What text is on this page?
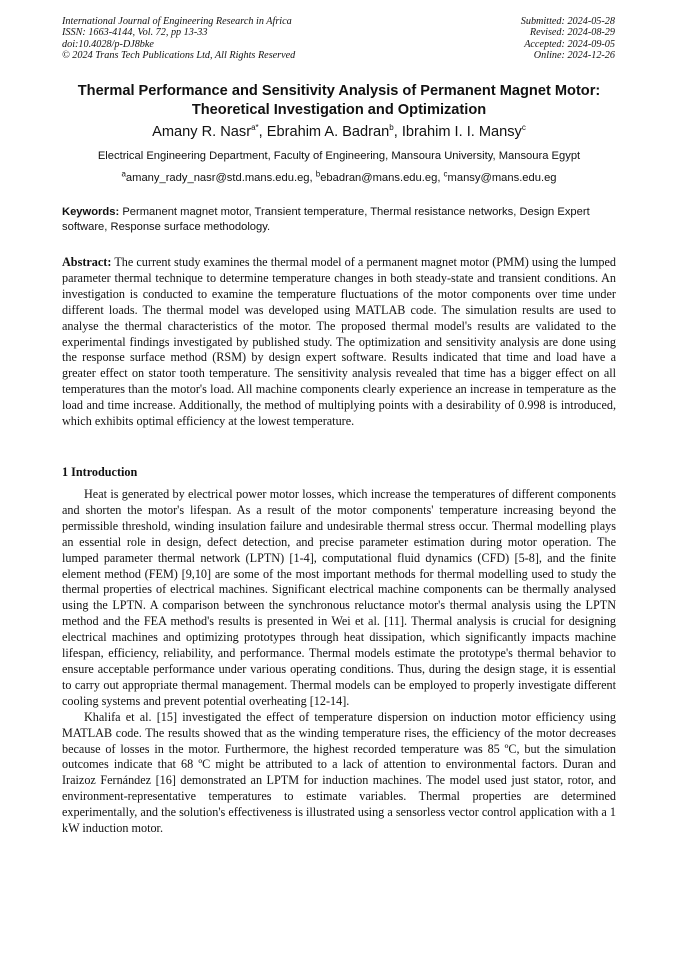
International Journal of Engineering Research in Africa
ISSN: 1663-4144, Vol. 72, pp 13-33
doi:10.4028/p-DJ8bke
© 2024 Trans Tech Publications Ltd, All Rights Reserved
Submitted: 2024-05-28
Revised: 2024-08-29
Accepted: 2024-09-05
Online: 2024-12-26
Thermal Performance and Sensitivity Analysis of Permanent Magnet Motor: Theoretical Investigation and Optimization
Amany R. Nasr$^{a*}$, Ebrahim A. Badran$^b$, Ibrahim I. I. Mansy$^c$
Electrical Engineering Department, Faculty of Engineering, Mansoura University, Mansoura Egypt
$^a$amany_rady_nasr@std.mans.edu.eg, $^b$ebadran@mans.edu.eg, $^c$mansy@mans.edu.eg
Keywords: Permanent magnet motor, Transient temperature, Thermal resistance networks, Design Expert software, Response surface methodology.
Abstract: The current study examines the thermal model of a permanent magnet motor (PMM) using the lumped parameter thermal technique to determine temperature changes in both steady-state and transient conditions. An investigation is conducted to examine the temperature fluctuations of the motor components over time under different loads. The thermal model was developed using MATLAB code. The simulation results are used to analyse the thermal characteristics of the motor. The proposed thermal model's results are validated to the experimental findings investigated by published study. The optimization and sensitivity analysis are done using the response surface method (RSM) by design expert software. Results indicated that time and load have a greater effect on stator tooth temperature. The sensitivity analysis revealed that time has a bigger effect on all temperatures than the motor's load. All machine components clearly experience an increase in temperature as the load and time increase. Additionally, the method of multiplying points with a desirability of 0.998 is introduced, which exhibits optimal efficiency at the lowest temperature.
1 Introduction

Heat is generated by electrical power motor losses, which increase the temperatures of different components and shorten the motor's lifespan. As a result of the motor components' temperature increasing beyond the permissible threshold, winding insulation failure and undesirable thermal stress occur. Thermal modelling plays an essential role in design, defect detection, and precise parameter estimation during motor operation. The lumped parameter thermal network (LPTN) [1-4], computational fluid dynamics (CFD) [5-8], and the finite element method (FEM) [9,10] are some of the most important methods for thermal modelling used to study the thermal properties of electrical machines. Significant electrical machine components can be thermally analysed using the LPTN. A comparison between the synchronous reluctance motor's thermal analysis using the LPTN method and the FEA method's results is presented in Wei et al. [11]. Thermal analysis is crucial for designing electrical machines and optimizing prototypes through heat dissipation, which significantly impacts machine lifespan, efficiency, reliability, and performance. Thermal models estimate the prototype's thermal behavior to ensure acceptable performance under various operating conditions. Thus, during the design stage, it is essential to carry out appropriate thermal management. Thermal models can be employed to properly investigate different cooling systems and prevent potential overheating [12-14].

Khalifa et al. [15] investigated the effect of temperature dispersion on induction motor efficiency using MATLAB code. The results showed that as the winding temperature rises, the efficiency of the motor decreases because of losses in the motor. Furthermore, the highest recorded temperature was 85 ºC, but the simulation outcomes indicate that 68 ºC might be attributed to a lack of attention to environmental factors. Duran and Iraizoz Fernández [16] demonstrated an LPTM for induction machines. The model used just stator, rotor, and environment-representative temperatures to estimate variables. Thermal properties are determined experimentally, and the solution's effectiveness is illustrated using a sensorless vector control application with a 1 kW induction motor.
